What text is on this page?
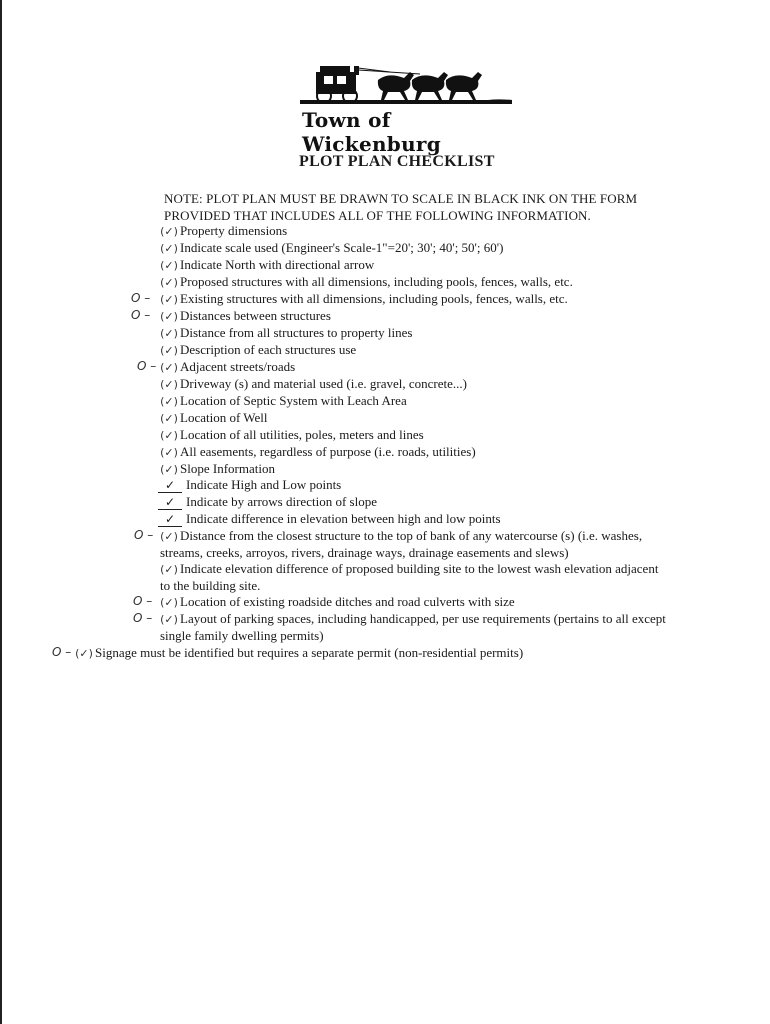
Town of Wickenburg
PLOT PLAN CHECKLIST

NOTE: PLOT PLAN MUST BE DRAWN TO SCALE IN BLACK INK ON THE FORM PROVIDED THAT INCLUDES ALL OF THE FOLLOWING INFORMATION.

(✓) Property dimensions
(✓) Indicate scale used (Engineer's Scale-1"=20'; 30'; 40'; 50'; 60')
(✓) Indicate North with directional arrow
(✓) Proposed structures with all dimensions, including pools, fences, walls, etc.
O – (✓) Existing structures with all dimensions, including pools, fences, walls, etc.
O – (✓) Distances between structures
(✓) Distance from all structures to property lines
(✓) Description of each structures use
O – (✓) Adjacent streets/roads
(✓) Driveway (s) and material used (i.e. gravel, concrete...)
(✓) Location of Septic System with Leach Area
(✓) Location of Well
(✓) Location of all utilities, poles, meters and lines
(✓) All easements, regardless of purpose (i.e. roads, utilities)
(✓) Slope Information
✓ Indicate High and Low points
✓ Indicate by arrows direction of slope
✓ Indicate difference in elevation between high and low points
O – (✓) Distance from the closest structure to the top of bank of any watercourse (s) (i.e. washes, streams, creeks, arroyos, rivers, drainage ways, drainage easements and slews)
(✓) Indicate elevation difference of proposed building site to the lowest wash elevation adjacent to the building site.
O – (✓) Location of existing roadside ditches and road culverts with size
O – (✓) Layout of parking spaces, including handicapped, per use requirements (pertains to all except single family dwelling permits)
O – (✓) Signage must be identified but requires a separate permit (non-residential permits)
